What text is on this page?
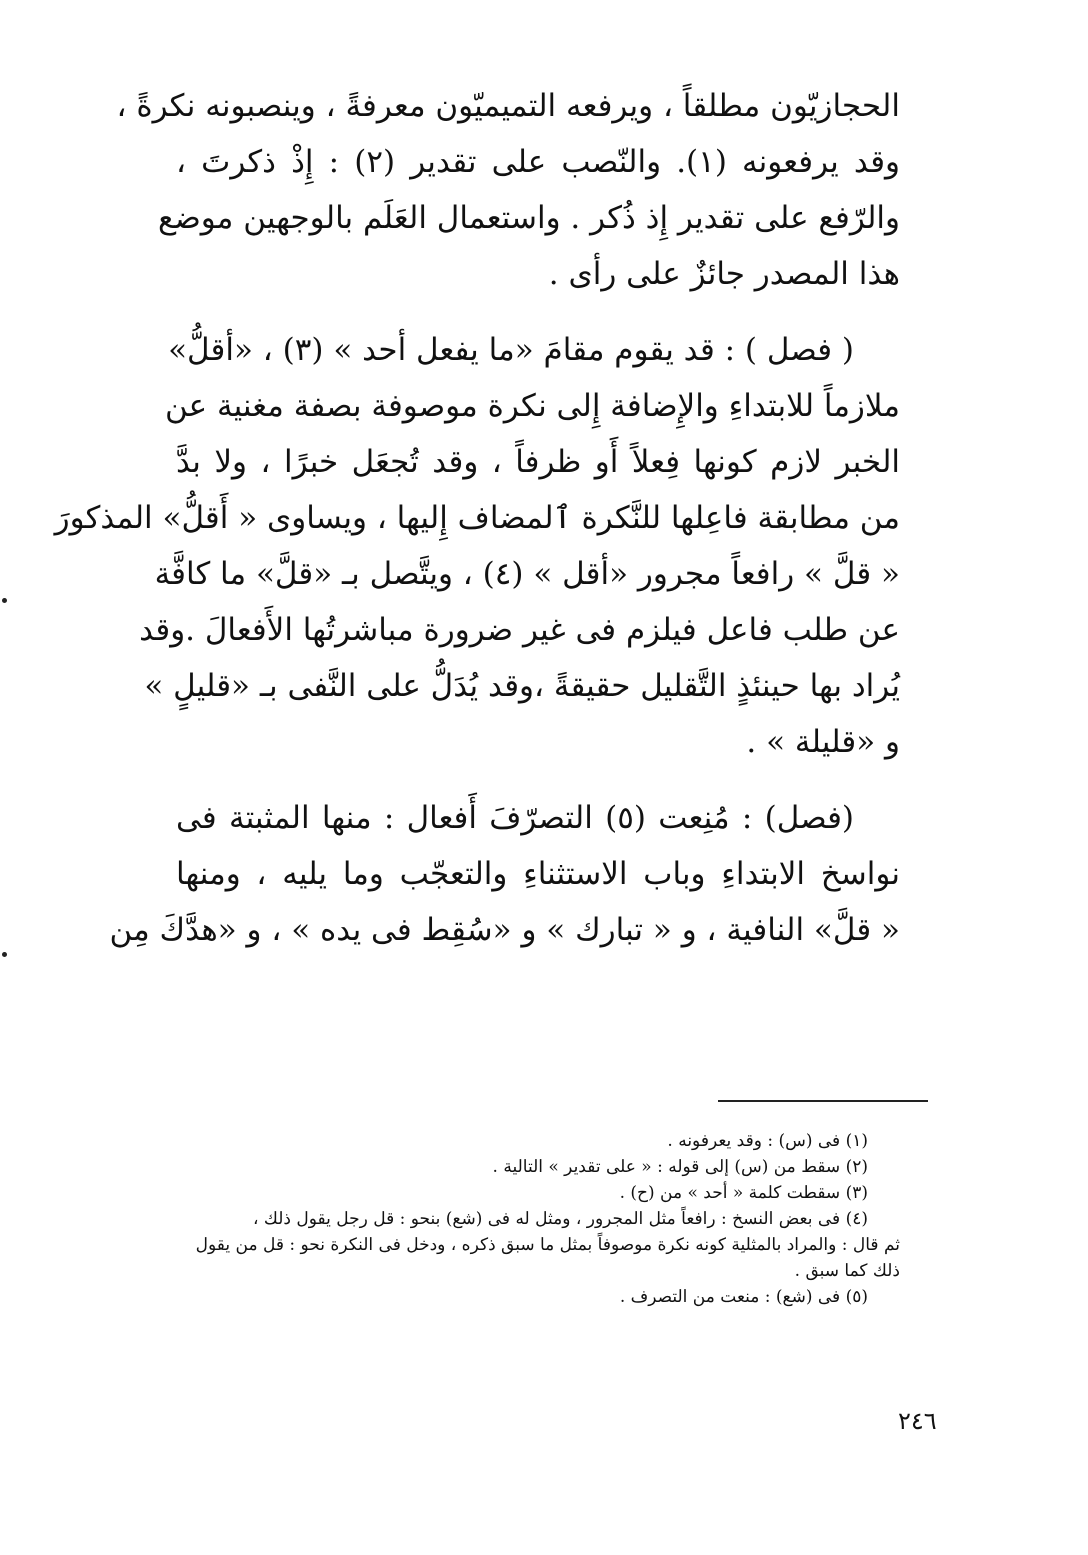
الحجازيّون مطلقاً ، ويرفعه التميميّون معرفةً ، وينصبونه نكرةً ،
وقد يرفعونه (١). والنّصب على تقدير (٢) : إِذْ ذكرتَ ،
والرّفع على تقدير إِذ ذُكر . واستعمال العَلَم بالوجهين موضع
هذا المصدر جائزٌ على رأى .
( فصل ) : قد يقوم مقامَ «ما يفعل أحد » (٣) ، «أقلُّ»
ملازماً للابتداءِ والإِضافة إِلى نكرة موصوفة بصفة مغنية عن
الخبر لازم كونها فِعلاً أَو ظرفاً ، وقد تُجعَل خبرًا ، ولا بدَّ
من مطابقة فاعِلها للنَّكرة ٱلمضاف إِليها ، ويساوى « أَقلُّ» المذكورَ
« قلَّ » رافعاً مجرور «أقل » (٤) ، ويتَّصل بـ «قلَّ» ما كافَّة
عن طلب فاعل فيلزم فى غير ضرورة مباشرتُها الأَفعالَ .وقد
يُراد بها حينئذٍ التَّقليل حقيقةً ،وقد يُدَلُّ على النَّفى بـ «قليلٍ »
و «قليلة » .
(فصل) : مُنِعت (٥) التصرّفَ أَفعال : منها المثبتة فى
نواسخ الابتداءِ وباب الاستثناءِ والتعجّب وما يليه ، ومنها
« قلَّ» النافية ، و « تبارك » و «سُقِط فى يده » ، و «هدَّكَ مِن
(١) فى (س) : وقد يعرفونه .
(٢) سقط من (س) إلى قوله : « على تقدير » التالية .
(٣) سقطت كلمة « أحد » من (ح) .
(٤) فى بعض النسخ : رافعاً مثل المجرور ، ومثل له فى (شع) بنحو : قل رجل يقول ذلك ،
ثم قال : والمراد بالمثلية كونه نكرة موصوفاً بمثل ما سبق ذكره ، ودخل فى النكرة نحو : قل من يقول
ذلك كما سبق .
(٥) فى (شع) : منعت من التصرف .
٢٤٦
